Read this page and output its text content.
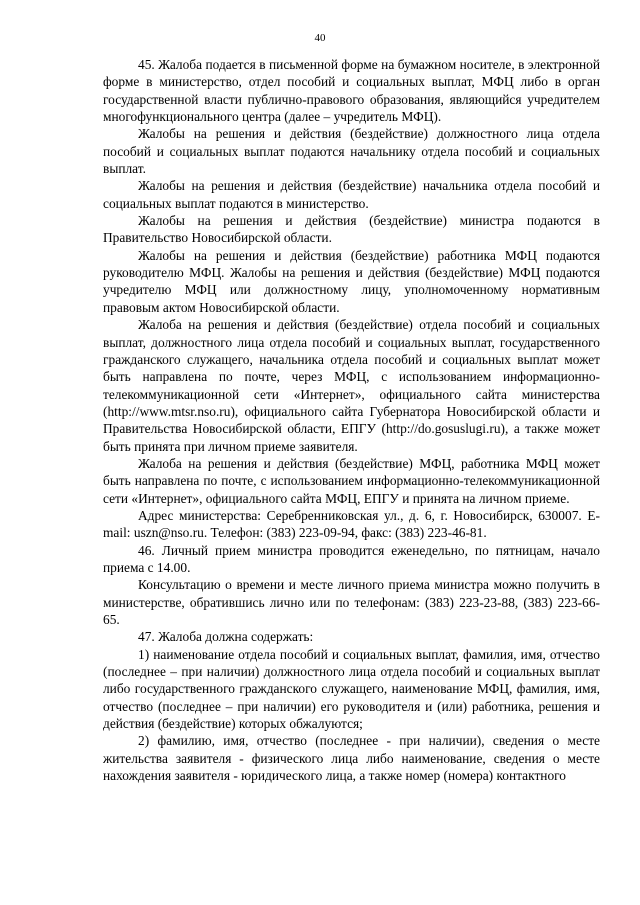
40

45. Жалоба подается в письменной форме на бумажном носителе, в электронной форме в министерство, отдел пособий и социальных выплат, МФЦ либо в орган государственной власти публично-правового образования, являющийся учредителем многофункционального центра (далее – учредитель МФЦ).

Жалобы на решения и действия (бездействие) должностного лица отдела пособий и социальных выплат подаются начальнику отдела пособий и социальных выплат.

Жалобы на решения и действия (бездействие) начальника отдела пособий и социальных выплат подаются в министерство.

Жалобы на решения и действия (бездействие) министра подаются в Правительство Новосибирской области.

Жалобы на решения и действия (бездействие) работника МФЦ подаются руководителю МФЦ. Жалобы на решения и действия (бездействие) МФЦ подаются учредителю МФЦ или должностному лицу, уполномоченному нормативным правовым актом Новосибирской области.

Жалоба на решения и действия (бездействие) отдела пособий и социальных выплат, должностного лица отдела пособий и социальных выплат, государственного гражданского служащего, начальника отдела пособий и социальных выплат может быть направлена по почте, через МФЦ, с использованием информационно-телекоммуникационной сети «Интернет», официального сайта министерства (http://www.mtsr.nso.ru), официального сайта Губернатора Новосибирской области и Правительства Новосибирской области, ЕПГУ (http://do.gosuslugi.ru), а также может быть принята при личном приеме заявителя.

Жалоба на решения и действия (бездействие) МФЦ, работника МФЦ может быть направлена по почте, с использованием информационно-телекоммуникационной сети «Интернет», официального сайта МФЦ, ЕПГУ и принята на личном приеме.

Адрес министерства: Серебренниковская ул., д. 6, г. Новосибирск, 630007. E-mail: uszn@nso.ru. Телефон: (383) 223-09-94, факс: (383) 223-46-81.

46. Личный прием министра проводится еженедельно, по пятницам, начало приема с 14.00.

Консультацию о времени и месте личного приема министра можно получить в министерстве, обратившись лично или по телефонам: (383) 223-23-88, (383) 223-66-65.

47. Жалоба должна содержать:

1) наименование отдела пособий и социальных выплат, фамилия, имя, отчество (последнее – при наличии) должностного лица отдела пособий и социальных выплат либо государственного гражданского служащего, наименование МФЦ, фамилия, имя, отчество (последнее – при наличии) его руководителя и (или) работника, решения и действия (бездействие) которых обжалуются;

2) фамилию, имя, отчество (последнее - при наличии), сведения о месте жительства заявителя - физического лица либо наименование, сведения о месте нахождения заявителя - юридического лица, а также номер (номера) контактного
